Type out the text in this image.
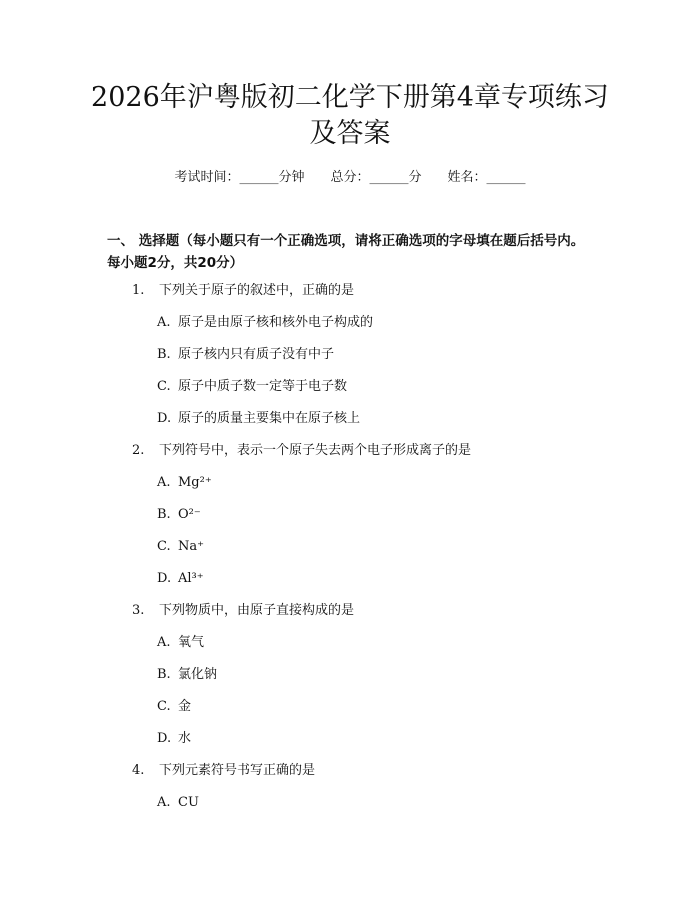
2026年沪粤版初二化学下册第4章专项练习
及答案
考试时间：______分钟 总分：______分 姓名：______
一、 选择题（每小题只有一个正确选项，请将正确选项的字母填在题后括号内。
每小题2分，共20分）
1. 下列关于原子的叙述中，正确的是
A. 原子是由原子核和核外电子构成的
B. 原子核内只有质子没有中子
C. 原子中质子数一定等于电子数
D. 原子的质量主要集中在原子核上
2. 下列符号中，表示一个原子失去两个电子形成离子的是
A. Mg²⁺
B. O²⁻
C. Na⁺
D. Al³⁺
3. 下列物质中，由原子直接构成的是
A. 氧气
B. 氯化钠
C. 金
D. 水
4. 下列元素符号书写正确的是
A. CU
